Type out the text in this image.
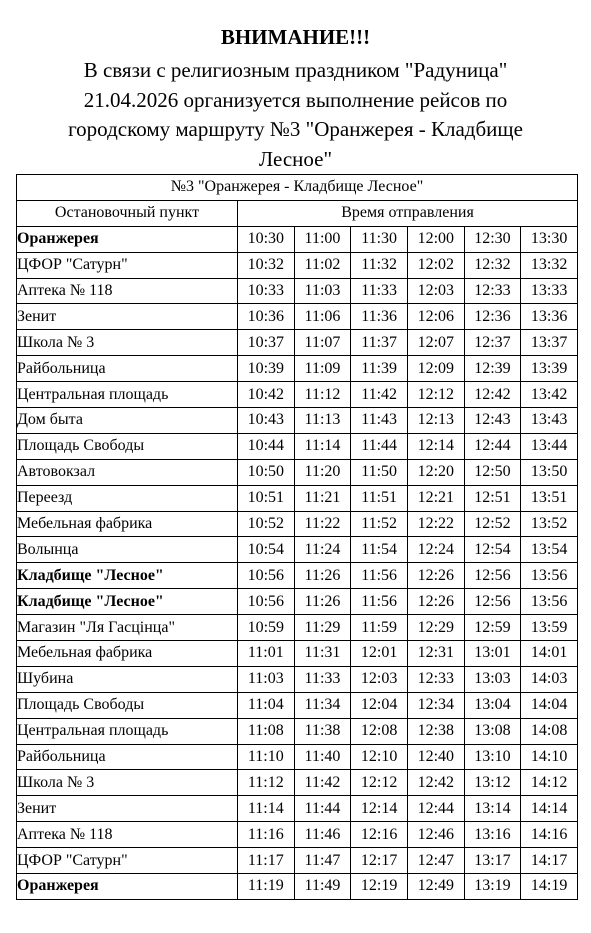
ВНИМАНИЕ!!!
В связи с религиозным праздником "Радуница"
21.04.2026 организуется выполнение рейсов по
городскому маршруту №3 "Оранжерея - Кладбище
Лесное"
№3 "Оранжерея - Кладбище Лесное"						
Остановочный пункт	Время отправления					
Оранжерея	10:30	11:00	11:30	12:00	12:30	13:30
ЦФОР "Сатурн"	10:32	11:02	11:32	12:02	12:32	13:32
Аптека № 118	10:33	11:03	11:33	12:03	12:33	13:33
Зенит	10:36	11:06	11:36	12:06	12:36	13:36
Школа № 3	10:37	11:07	11:37	12:07	12:37	13:37
Райбольница	10:39	11:09	11:39	12:09	12:39	13:39
Центральная площадь	10:42	11:12	11:42	12:12	12:42	13:42
Дом быта	10:43	11:13	11:43	12:13	12:43	13:43
Площадь Свободы	10:44	11:14	11:44	12:14	12:44	13:44
Автовокзал	10:50	11:20	11:50	12:20	12:50	13:50
Переезд	10:51	11:21	11:51	12:21	12:51	13:51
Мебельная фабрика	10:52	11:22	11:52	12:22	12:52	13:52
Волынца	10:54	11:24	11:54	12:24	12:54	13:54
Кладбище "Лесное"	10:56	11:26	11:56	12:26	12:56	13:56
Кладбище "Лесное"	10:56	11:26	11:56	12:26	12:56	13:56
Магазин "Ля Гасцінца"	10:59	11:29	11:59	12:29	12:59	13:59
Мебельная фабрика	11:01	11:31	12:01	12:31	13:01	14:01
Шубина	11:03	11:33	12:03	12:33	13:03	14:03
Площадь Свободы	11:04	11:34	12:04	12:34	13:04	14:04
Центральная площадь	11:08	11:38	12:08	12:38	13:08	14:08
Райбольница	11:10	11:40	12:10	12:40	13:10	14:10
Школа № 3	11:12	11:42	12:12	12:42	13:12	14:12
Зенит	11:14	11:44	12:14	12:44	13:14	14:14
Аптека № 118	11:16	11:46	12:16	12:46	13:16	14:16
ЦФОР "Сатурн"	11:17	11:47	12:17	12:47	13:17	14:17
Оранжерея	11:19	11:49	12:19	12:49	13:19	14:19
